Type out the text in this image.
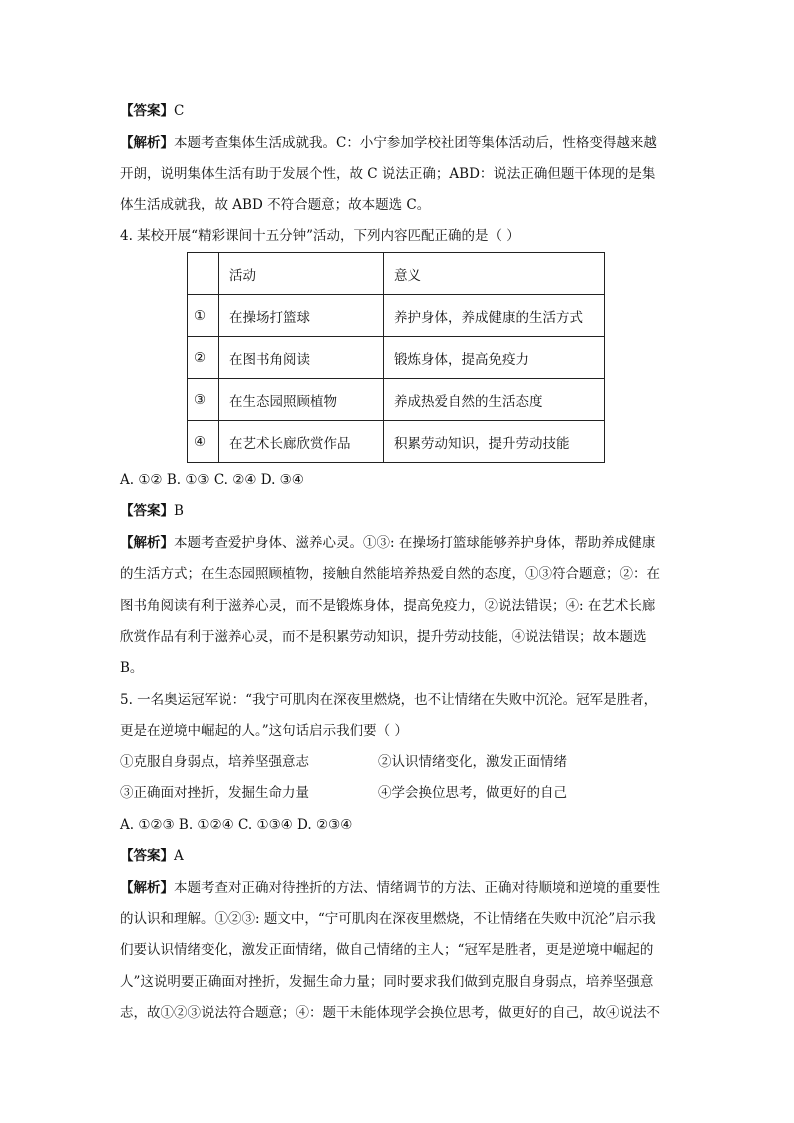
【答案】C
【解析】本题考查集体生活成就我。C：小宁参加学校社团等集体活动后，性格变得越来越
开朗，说明集体生活有助于发展个性，故 C 说法正确；ABD：说法正确但题干体现的是集
体生活成就我，故 ABD 不符合题意；故本题选 C。
4. 某校开展“精彩课间十五分钟”活动，下列内容匹配正确的是（ ）
	活动	意义
①	在操场打篮球	养护身体，养成健康的生活方式
②	在图书角阅读	锻炼身体，提高免疫力
③	在生态园照顾植物	养成热爱自然的生活态度
④	在艺术长廊欣赏作品	积累劳动知识，提升劳动技能
A. ①② B. ①③ C. ②④ D. ③④
【答案】B
【解析】本题考查爱护身体、滋养心灵。①③: 在操场打篮球能够养护身体，帮助养成健康
的生活方式；在生态园照顾植物，接触自然能培养热爱自然的态度，①③符合题意；②：在
图书角阅读有利于滋养心灵，而不是锻炼身体，提高免疫力，②说法错误；④: 在艺术长廊
欣赏作品有利于滋养心灵，而不是积累劳动知识，提升劳动技能，④说法错误；故本题选
B。
5. 一名奥运冠军说：“我宁可肌肉在深夜里燃烧，也不让情绪在失败中沉沦。冠军是胜者，
更是在逆境中崛起的人。”这句话启示我们要（ ）
①克服自身弱点，培养坚强意志	②认识情绪变化，激发正面情绪
③正确面对挫折，发掘生命力量	④学会换位思考，做更好的自己
A. ①②③ B. ①②④ C. ①③④ D. ②③④
【答案】A
【解析】本题考查对正确对待挫折的方法、情绪调节的方法、正确对待顺境和逆境的重要性
的认识和理解。①②③: 题文中，“宁可肌肉在深夜里燃烧，不让情绪在失败中沉沦”启示我
们要认识情绪变化，激发正面情绪，做自己情绪的主人；“冠军是胜者，更是逆境中崛起的
人”这说明要正确面对挫折，发掘生命力量；同时要求我们做到克服自身弱点，培养坚强意
志，故①②③说法符合题意；④：题干未能体现学会换位思考，做更好的自己，故④说法不
